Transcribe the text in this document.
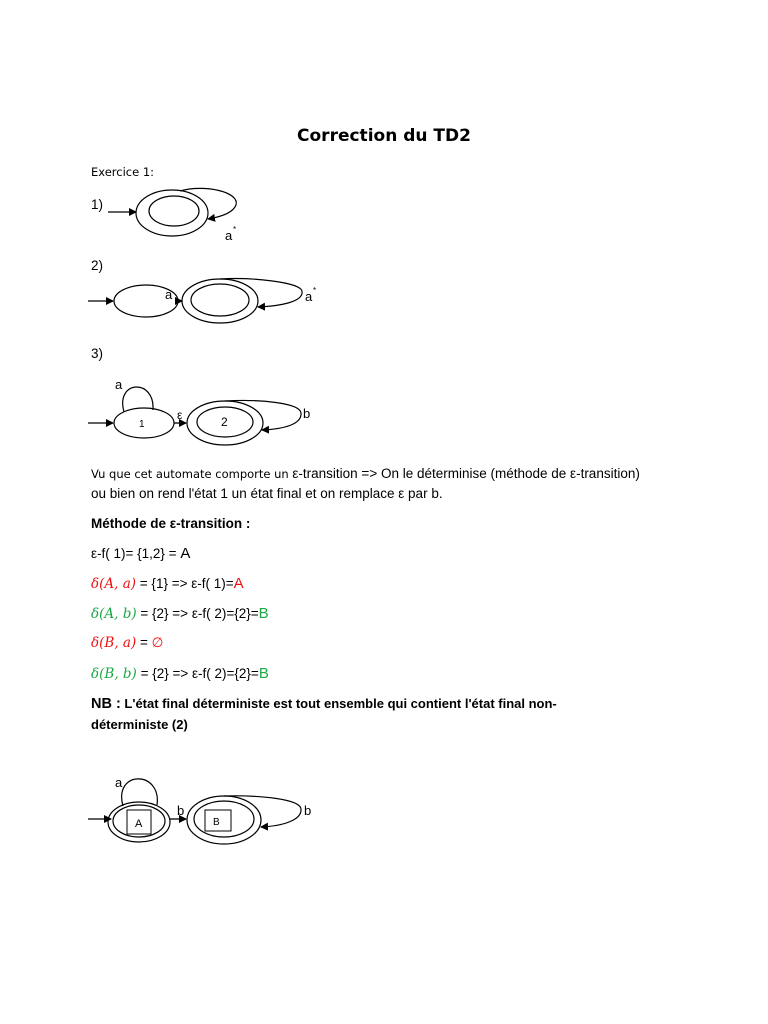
Correction du TD2
Exercice 1:
1)
2)
3)
a *
a	a *
a
1
ε	2
b
Vu que cet automate comporte un ε-transition => On le déterminise (méthode de ε-transition)
ou bien on rend l'état 1 un état final et on remplace ε par b.
Méthode de ε-transition :
ε-f( 1)= {1,2} = A
δ(A, a) = {1} => ε-f( 1)=A
δ(A, b) = {2} => ε-f( 2)={2}=B
δ(B, a) = ∅
δ(B, b) = {2} => ε-f( 2)={2}=B
NB : L'état final déterministe est tout ensemble qui contient l'état final non-
déterministe (2)
a
A
b
B
b
